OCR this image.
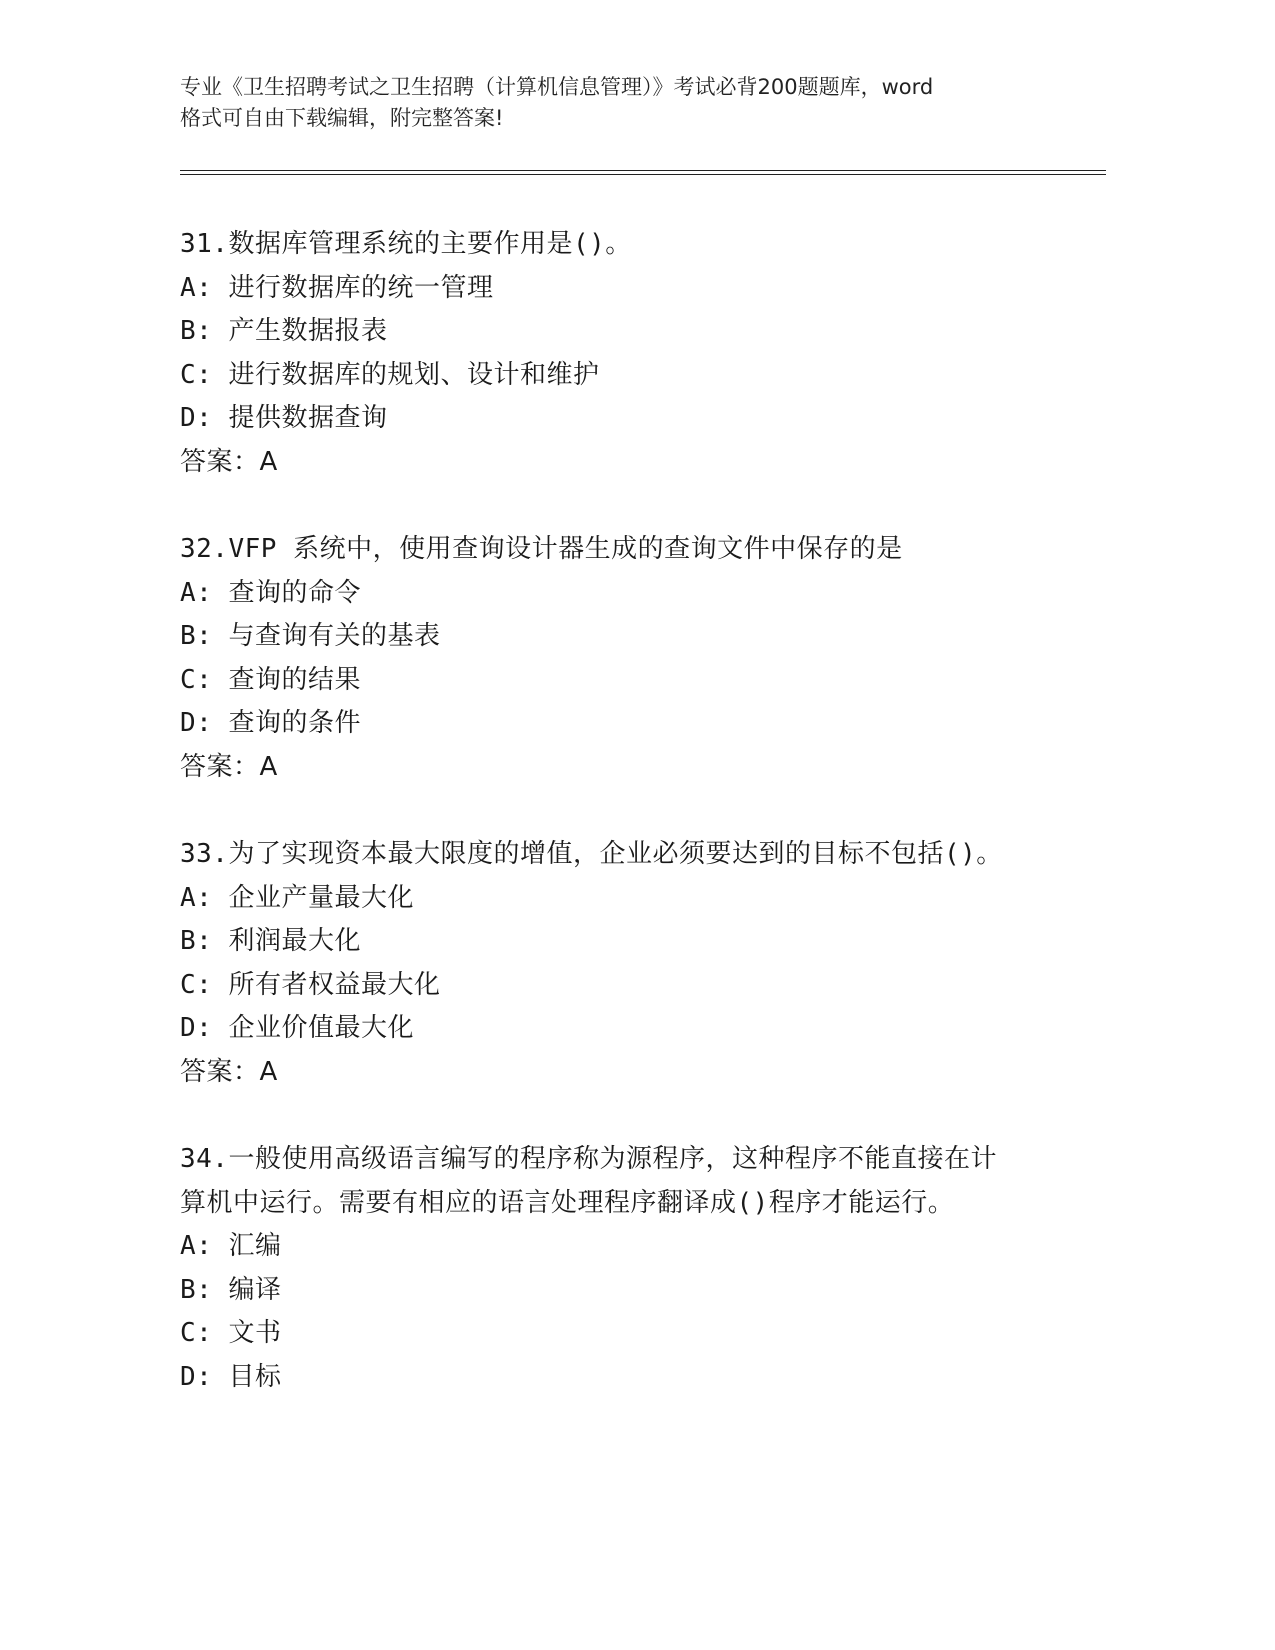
专业《卫生招聘考试之卫生招聘（计算机信息管理）》考试必背200题题库，word
格式可自由下载编辑，附完整答案!
31.数据库管理系统的主要作用是()。
A: 进行数据库的统一管理
B: 产生数据报表
C: 进行数据库的规划、设计和维护
D: 提供数据查询
答案：A
32.VFP 系统中，使用查询设计器生成的查询文件中保存的是
A: 查询的命令
B: 与查询有关的基表
C: 查询的结果
D: 查询的条件
答案：A
33.为了实现资本最大限度的增值，企业必须要达到的目标不包括()。
A: 企业产量最大化
B: 利润最大化
C: 所有者权益最大化
D: 企业价值最大化
答案：A
34.一般使用高级语言编写的程序称为源程序，这种程序不能直接在计
算机中运行。需要有相应的语言处理程序翻译成()程序才能运行。
A: 汇编
B: 编译
C: 文书
D: 目标
